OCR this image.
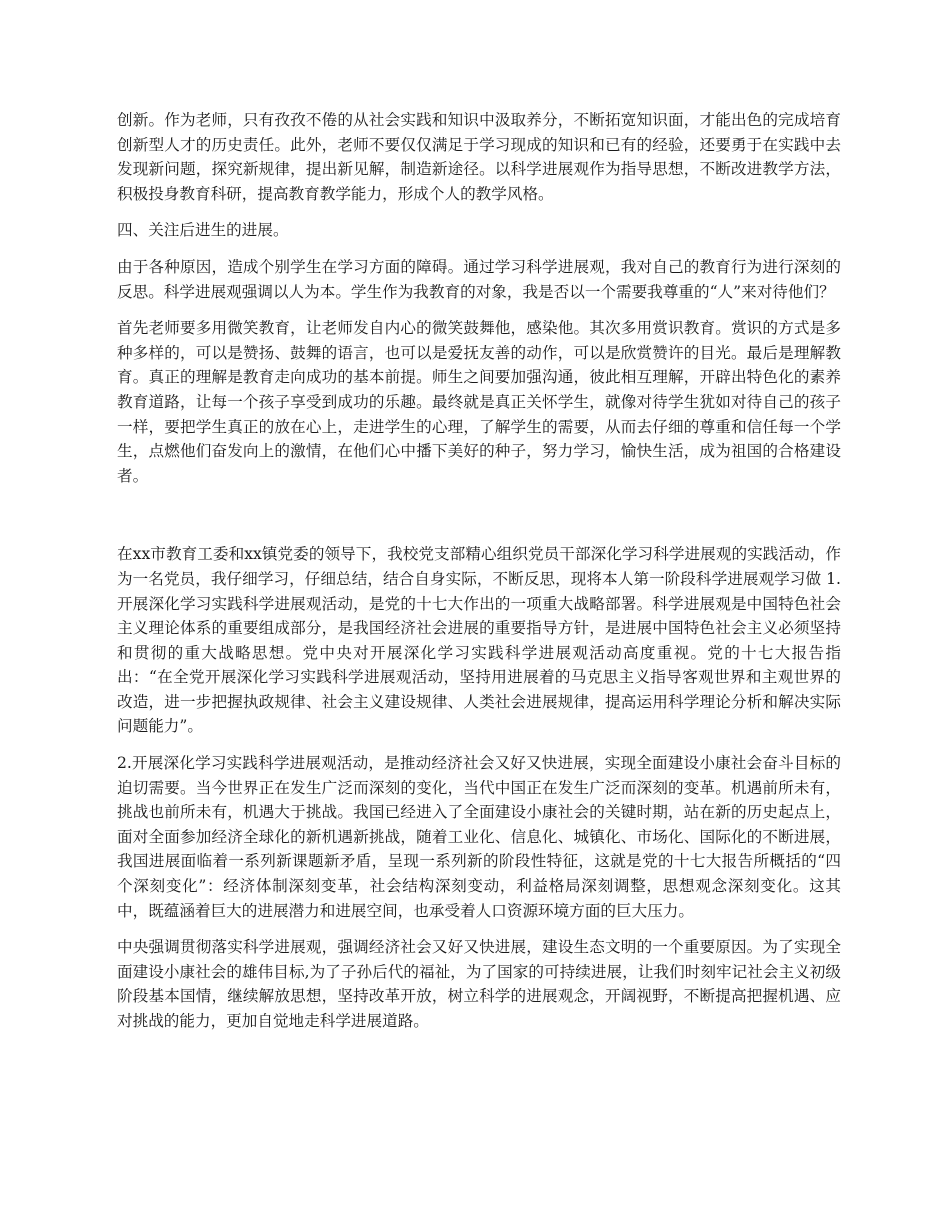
创新。作为老师，只有孜孜不倦的从社会实践和知识中汲取养分，不断拓宽知识面，才能出色的完成培育创新型人才的历史责任。此外，老师不要仅仅满足于学习现成的知识和已有的经验，还要勇于在实践中去发现新问题，探究新规律，提出新见解，制造新途径。以科学进展观作为指导思想，不断改进教学方法，积极投身教育科研，提高教育教学能力，形成个人的教学风格。

四、关注后进生的进展。

由于各种原因，造成个别学生在学习方面的障碍。通过学习科学进展观，我对自己的教育行为进行深刻的反思。科学进展观强调以人为本。学生作为我教育的对象，我是否以一个需要我尊重的“人”来对待他们？

首先老师要多用微笑教育，让老师发自内心的微笑鼓舞他，感染他。其次多用赏识教育。赏识的方式是多种多样的，可以是赞扬、鼓舞的语言，也可以是爱抚友善的动作，可以是欣赏赞许的目光。最后是理解教育。真正的理解是教育走向成功的基本前提。师生之间要加强沟通，彼此相互理解，开辟出特色化的素养教育道路，让每一个孩子享受到成功的乐趣。最终就是真正关怀学生，就像对待学生犹如对待自己的孩子一样，要把学生真正的放在心上，走进学生的心理，了解学生的需要，从而去仔细的尊重和信任每一个学生，点燃他们奋发向上的激情，在他们心中播下美好的种子，努力学习，愉快生活，成为祖国的合格建设者。

在xx市教育工委和xx镇党委的领导下，我校党支部精心组织党员干部深化学习科学进展观的实践活动，作为一名党员，我仔细学习，仔细总结，结合自身实际，不断反思，现将本人第一阶段科学进展观学习做 1.开展深化学习实践科学进展观活动，是党的十七大作出的一项重大战略部署。科学进展观是中国特色社会主义理论体系的重要组成部分，是我国经济社会进展的重要指导方针，是进展中国特色社会主义必须坚持和贯彻的重大战略思想。党中央对开展深化学习实践科学进展观活动高度重视。党的十七大报告指出：“在全党开展深化学习实践科学进展观活动，坚持用进展着的马克思主义指导客观世界和主观世界的改造，进一步把握执政规律、社会主义建设规律、人类社会进展规律，提高运用科学理论分析和解决实际问题能力”。

2.开展深化学习实践科学进展观活动，是推动经济社会又好又快进展，实现全面建设小康社会奋斗目标的迫切需要。当今世界正在发生广泛而深刻的变化，当代中国正在发生广泛而深刻的变革。机遇前所未有，挑战也前所未有，机遇大于挑战。我国已经进入了全面建设小康社会的关键时期，站在新的历史起点上，面对全面参加经济全球化的新机遇新挑战，随着工业化、信息化、城镇化、市场化、国际化的不断进展，我国进展面临着一系列新课题新矛盾，呈现一系列新的阶段性特征，这就是党的十七大报告所概括的“四个深刻变化”：经济体制深刻变革，社会结构深刻变动，利益格局深刻调整，思想观念深刻变化。这其中，既蕴涵着巨大的进展潜力和进展空间，也承受着人口资源环境方面的巨大压力。

中央强调贯彻落实科学进展观，强调经济社会又好又快进展，建设生态文明的一个重要原因。为了实现全面建设小康社会的雄伟目标,为了子孙后代的福祉，为了国家的可持续进展，让我们时刻牢记社会主义初级阶段基本国情，继续解放思想，坚持改革开放，树立科学的进展观念，开阔视野，不断提高把握机遇、应对挑战的能力，更加自觉地走科学进展道路。
